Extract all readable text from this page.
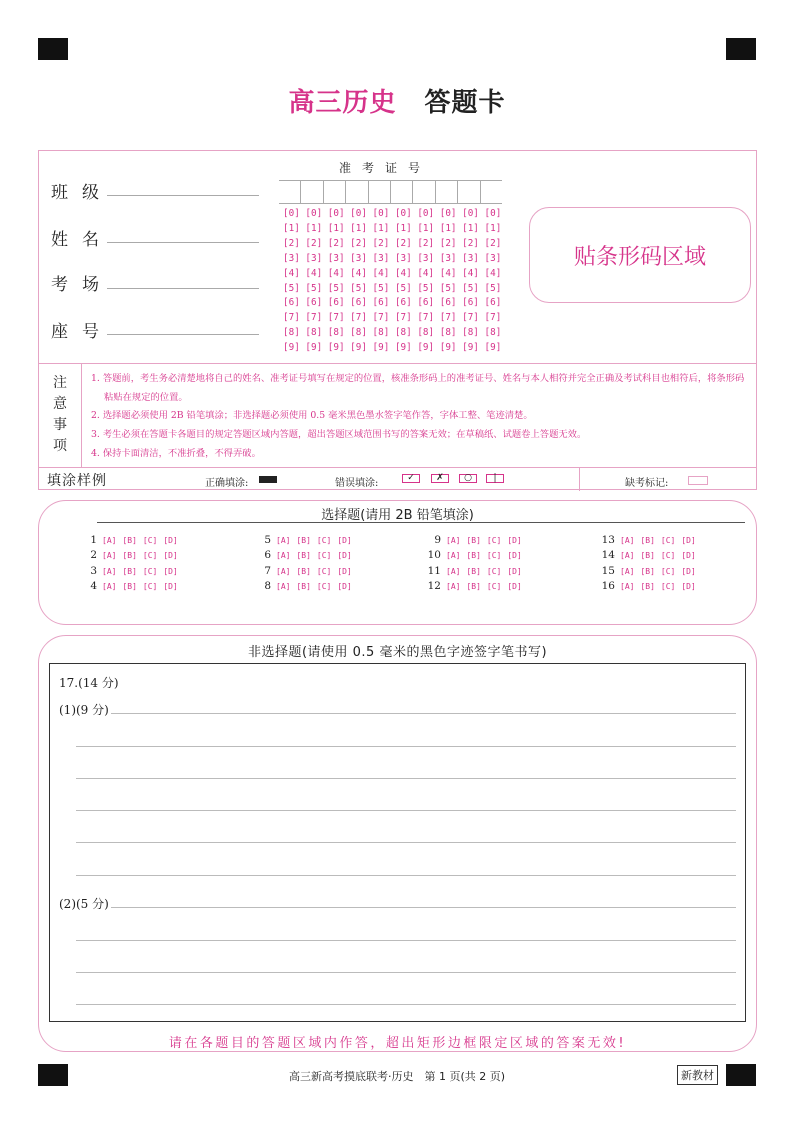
高三历史 答题卡
班级
姓名
考场
座号
准考证号
[0] [0] [0] [0] [0] [0] [0] [0] [0] [0]
[1] [1] [1] [1] [1] [1] [1] [1] [1] [1]
[2] [2] [2] [2] [2] [2] [2] [2] [2] [2]
[3] [3] [3] [3] [3] [3] [3] [3] [3] [3]
[4] [4] [4] [4] [4] [4] [4] [4] [4] [4]
[5] [5] [5] [5] [5] [5] [5] [5] [5] [5]
[6] [6] [6] [6] [6] [6] [6] [6] [6] [6]
[7] [7] [7] [7] [7] [7] [7] [7] [7] [7]
[8] [8] [8] [8] [8] [8] [8] [8] [8] [8]
[9] [9] [9] [9] [9] [9] [9] [9] [9] [9]
贴条形码区域
注
意
事
项
1. 答题前，考生务必清楚地将自己的姓名、准考证号填写在规定的位置，核准条形码上的准考证号、姓名与本人相符并完全正确及考试科目也相符后，将条形码粘贴在规定的位置。
2. 选择题必须使用 2B 铅笔填涂；非选择题必须使用 0.5 毫米黑色墨水签字笔作答，字体工整、笔迹清楚。
3. 考生必须在答题卡各题目的规定答题区域内答题，超出答题区域范围书写的答案无效；在草稿纸、试题卷上答题无效。
4. 保持卡面清洁，不准折叠，不得弄破。
填涂样例	正确填涂:	错误填涂:	✓	✗	○	|	缺考标记:
选择题(请用 2B 铅笔填涂)
1 [A] [B] [C] [D]
2 [A] [B] [C] [D]
3 [A] [B] [C] [D]
4 [A] [B] [C] [D]
5 [A] [B] [C] [D]
6 [A] [B] [C] [D]
7 [A] [B] [C] [D]
8 [A] [B] [C] [D]
9 [A] [B] [C] [D]
10 [A] [B] [C] [D]
11 [A] [B] [C] [D]
12 [A] [B] [C] [D]
13 [A] [B] [C] [D]
14 [A] [B] [C] [D]
15 [A] [B] [C] [D]
16 [A] [B] [C] [D]
非选择题(请使用 0.5 毫米的黑色字迹签字笔书写)
17.(14 分)
(1)(9 分)
(2)(5 分)
请在各题目的答题区域内作答，超出矩形边框限定区域的答案无效!
高三新高考摸底联考·历史　第 1 页(共 2 页)	新教材
